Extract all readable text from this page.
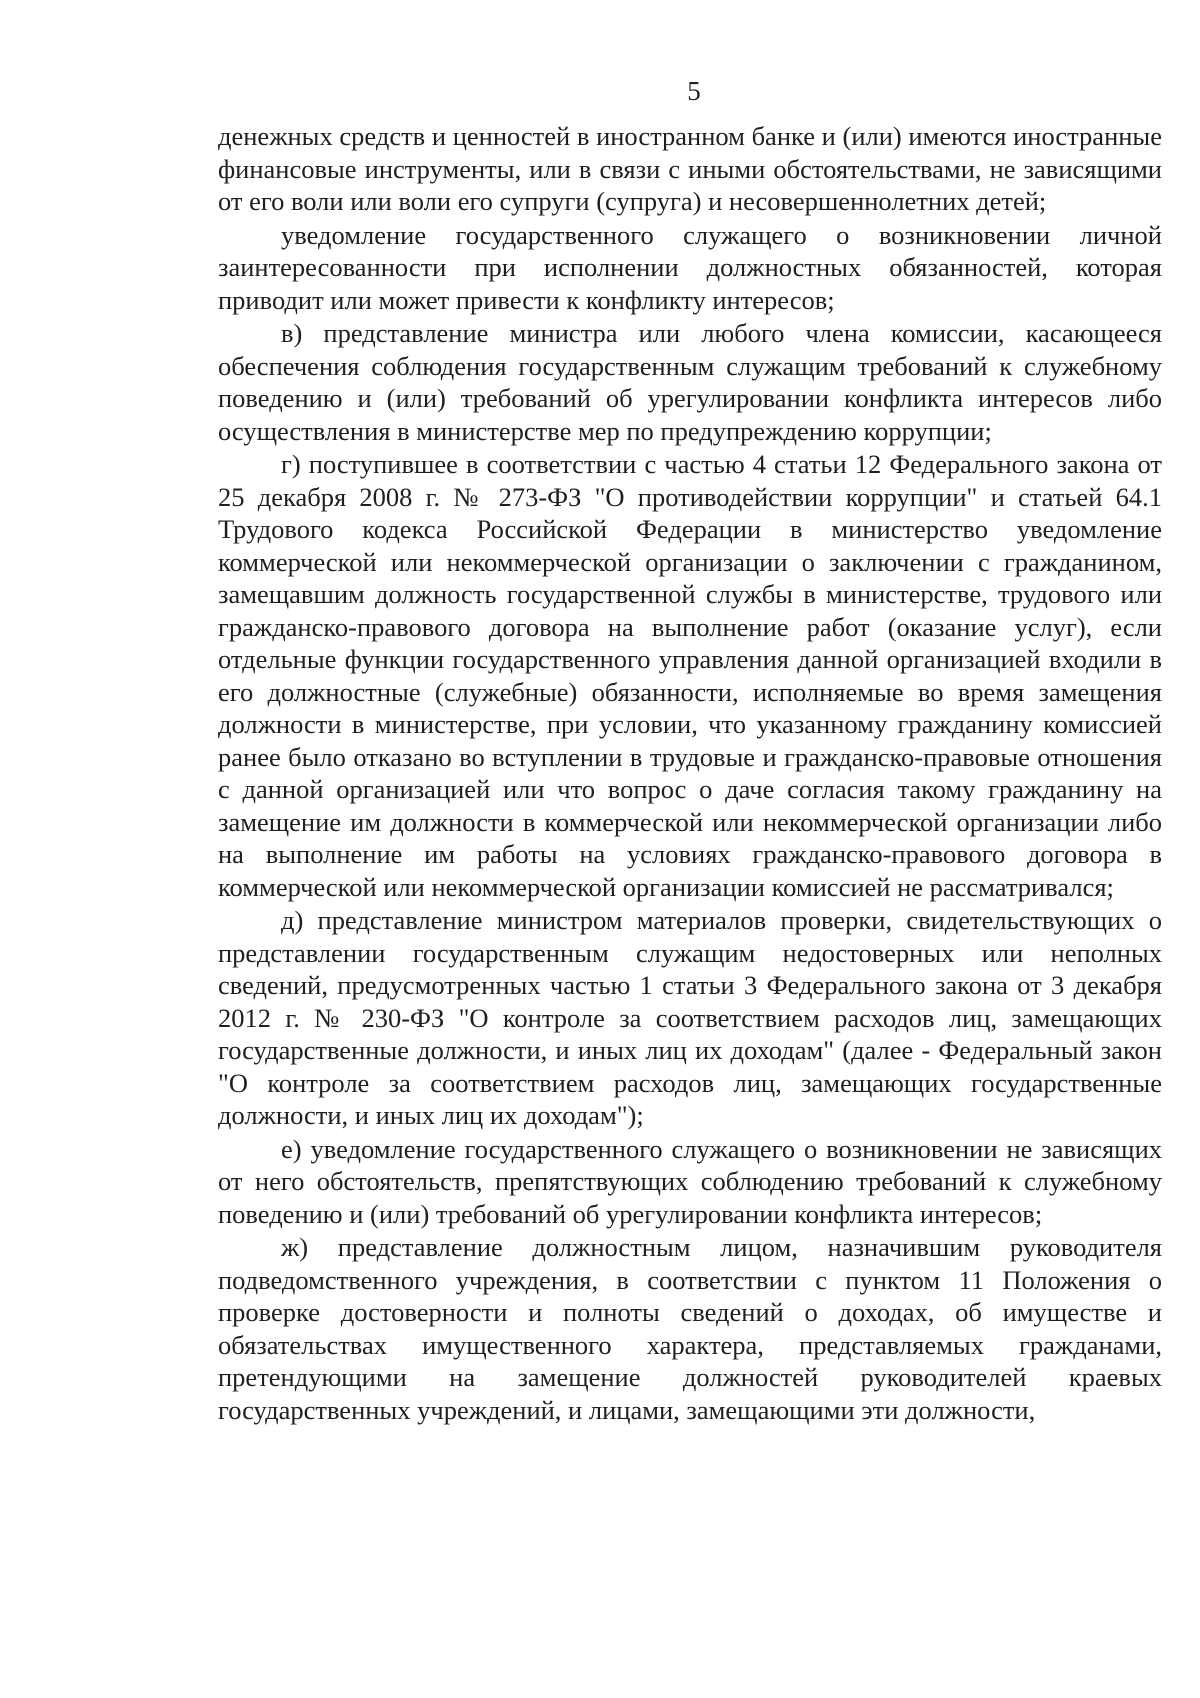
5

денежных средств и ценностей в иностранном банке и (или) имеются иностранные финансовые инструменты, или в связи с иными обстоятельствами, не зависящими от его воли или воли его супруги (супруга) и несовершеннолетних детей;

уведомление государственного служащего о возникновении личной заинтересованности при исполнении должностных обязанностей, которая приводит или может привести к конфликту интересов;

в) представление министра или любого члена комиссии, касающееся обеспечения соблюдения государственным служащим требований к служебному поведению и (или) требований об урегулировании конфликта интересов либо осуществления в министерстве мер по предупреждению коррупции;

г) поступившее в соответствии с частью 4 статьи 12 Федерального закона от 25 декабря 2008 г. № 273-ФЗ "О противодействии коррупции" и статьей 64.1 Трудового кодекса Российской Федерации в министерство уведомление коммерческой или некоммерческой организации о заключении с гражданином, замещавшим должность государственной службы в министерстве, трудового или гражданско-правового договора на выполнение работ (оказание услуг), если отдельные функции государственного управления данной организацией входили в его должностные (служебные) обязанности, исполняемые во время замещения должности в министерстве, при условии, что указанному гражданину комиссией ранее было отказано во вступлении в трудовые и гражданско-правовые отношения с данной организацией или что вопрос о даче согласия такому гражданину на замещение им должности в коммерческой или некоммерческой организации либо на выполнение им работы на условиях гражданско-правового договора в коммерческой или некоммерческой организации комиссией не рассматривался;

д) представление министром материалов проверки, свидетельствующих о представлении государственным служащим недостоверных или неполных сведений, предусмотренных частью 1 статьи 3 Федерального закона от 3 декабря 2012 г. № 230-ФЗ "О контроле за соответствием расходов лиц, замещающих государственные должности, и иных лиц их доходам" (далее - Федеральный закон "О контроле за соответствием расходов лиц, замещающих государственные должности, и иных лиц их доходам");

е) уведомление государственного служащего о возникновении не зависящих от него обстоятельств, препятствующих соблюдению требований к служебному поведению и (или) требований об урегулировании конфликта интересов;

ж) представление должностным лицом, назначившим руководителя подведомственного учреждения, в соответствии с пунктом 11 Положения о проверке достоверности и полноты сведений о доходах, об имуществе и обязательствах имущественного характера, представляемых гражданами, претендующими на замещение должностей руководителей краевых государственных учреждений, и лицами, замещающими эти должности,
